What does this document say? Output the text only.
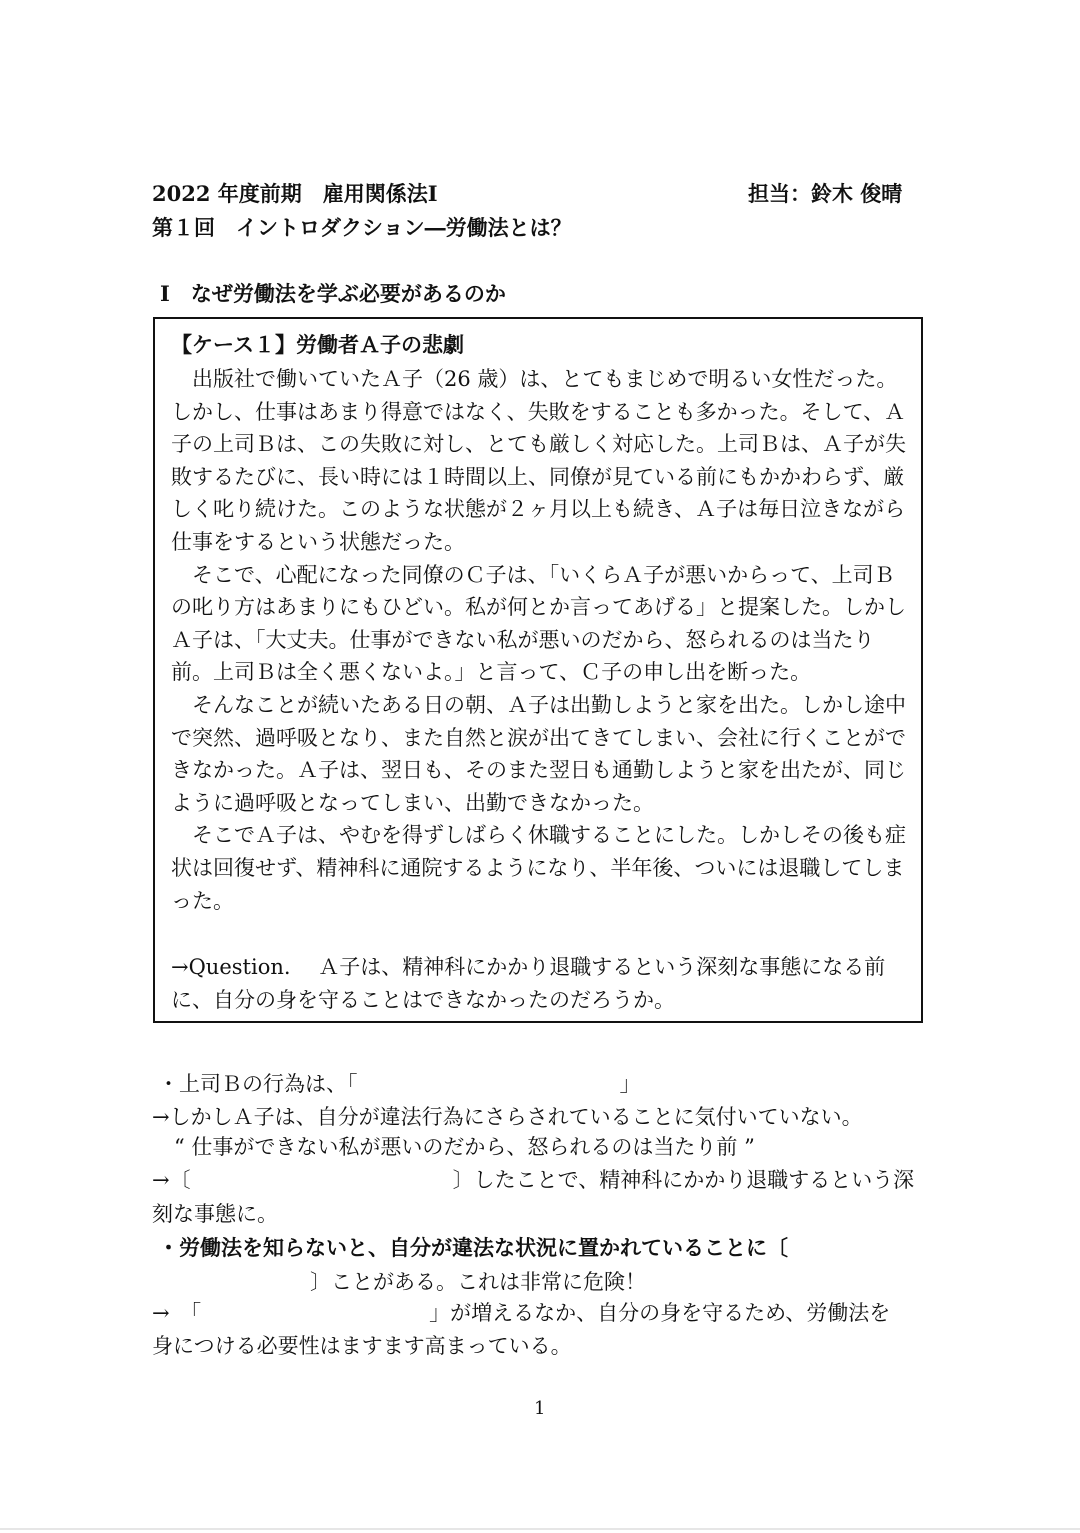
2022 年度前期　雇用関係法Ⅰ	担当：鈴木 俊晴
第１回　イントロダクション―労働法とは？
Ⅰ　なぜ労働法を学ぶ必要があるのか
【ケース１】労働者Ａ子の悲劇

出版社で働いていたＡ子（26 歳）は、とてもまじめで明るい女性だった。しかし、仕事はあまり得意ではなく、失敗をすることも多かった。そして、Ａ子の上司Ｂは、この失敗に対し、とても厳しく対応した。上司Ｂは、Ａ子が失敗するたびに、長い時には１時間以上、同僚が見ている前にもかかわらず、厳しく叱り続けた。このような状態が２ヶ月以上も続き、Ａ子は毎日泣きながら仕事をするという状態だった。

そこで、心配になった同僚のＣ子は、「いくらＡ子が悪いからって、上司Ｂの叱り方はあまりにもひどい。私が何とか言ってあげる」と提案した。しかしＡ子は、「大丈夫。仕事ができない私が悪いのだから、怒られるのは当たり前。上司Ｂは全く悪くないよ。」と言って、Ｃ子の申し出を断った。

そんなことが続いたある日の朝、Ａ子は出勤しようと家を出た。しかし途中で突然、過呼吸となり、また自然と涙が出てきてしまい、会社に行くことができなかった。Ａ子は、翌日も、そのまた翌日も通勤しようと家を出たが、同じように過呼吸となってしまい、出勤できなかった。

そこでＡ子は、やむを得ずしばらく休職することにした。しかしその後も症状は回復せず、精神科に通院するようになり、半年後、ついには退職してしまった。

→Question.　 Ａ子は、精神科にかかり退職するという深刻な事態になる前に、自分の身を守ることはできなかったのだろうか。
・上司Ｂの行為は、「	」
→しかしＡ子は、自分が違法行為にさらされていることに気付いていない。
“ 仕事ができない私が悪いのだから、怒られるのは当たり前 ”
→〔	〕したことで、精神科にかかり退職するという深
刻な事態に。
・労働法を知らないと、自分が違法な状況に置かれていることに〔
〕ことがある。これは非常に危険！
→　「	」が増えるなか、自分の身を守るため、労働法を
身につける必要性はますます高まっている。
1
